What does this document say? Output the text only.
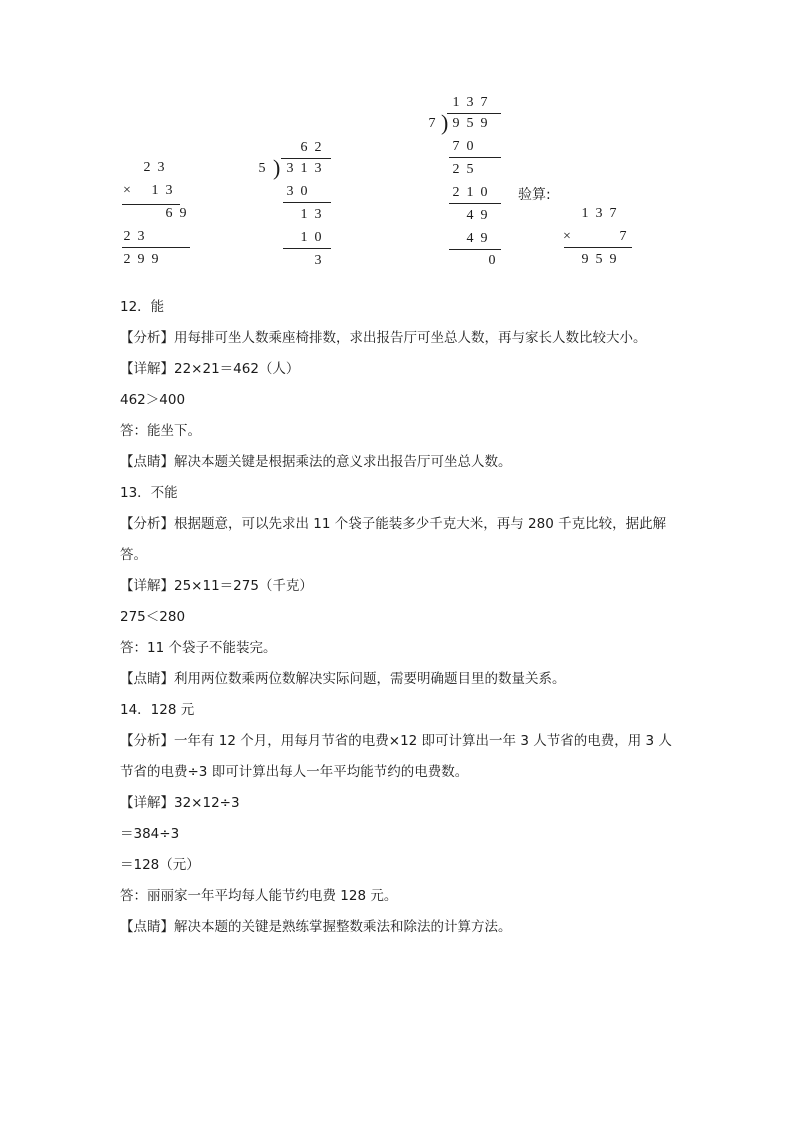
2 3
× 1 3
6 9
2 3
2 9 9
6 2
5 ) 3 1 3
3 0
1 3
1 0
3
1 3 7
7 ) 9 5 9
7 0
2 5
2 1 0
4 9
4 9
0
验算:
1 3 7
×	7
9 5 9
12．能
【分析】用每排可坐人数乘座椅排数，求出报告厅可坐总人数，再与家长人数比较大小。
【详解】22×21＝462（人）
462＞400
答：能坐下。
【点睛】解决本题关键是根据乘法的意义求出报告厅可坐总人数。
13．不能
【分析】根据题意，可以先求出 11 个袋子能装多少千克大米，再与 280 千克比较，据此解
答。
【详解】25×11＝275（千克）
275＜280
答：11 个袋子不能装完。
【点睛】利用两位数乘两位数解决实际问题，需要明确题目里的数量关系。
14．128 元
【分析】一年有 12 个月，用每月节省的电费×12 即可计算出一年 3 人节省的电费，用 3 人
节省的电费÷3 即可计算出每人一年平均能节约的电费数。
【详解】32×12÷3
＝384÷3
＝128（元）
答：丽丽家一年平均每人能节约电费 128 元。
【点睛】解决本题的关键是熟练掌握整数乘法和除法的计算方法。
